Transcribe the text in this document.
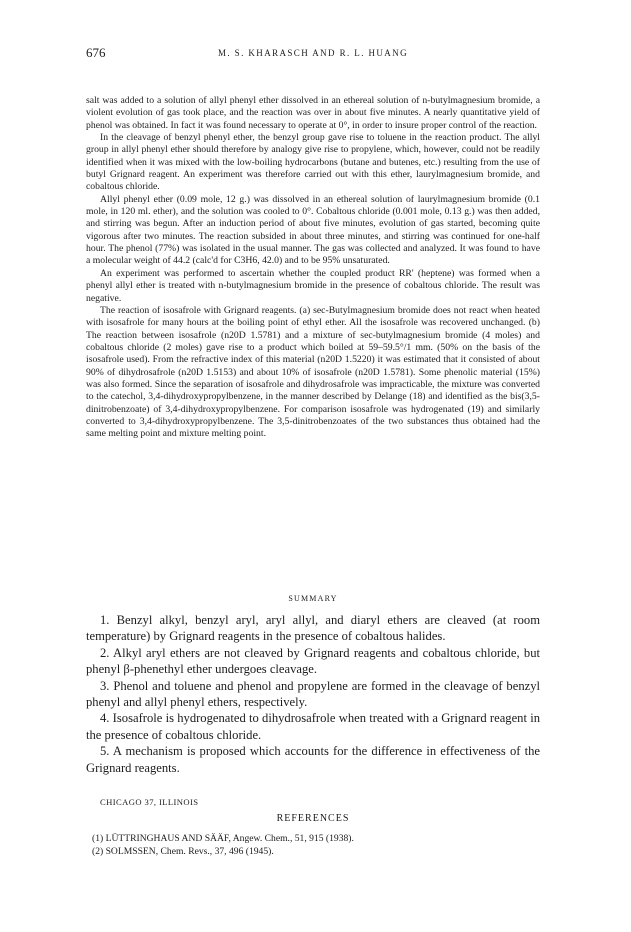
676	M. S. KHARASCH AND R. L. HUANG

salt was added to a solution of allyl phenyl ether dissolved in an ethereal solution of n-butylmagnesium bromide, a violent evolution of gas took place, and the reaction was over in about five minutes. A nearly quantitative yield of phenol was obtained. In fact it was found necessary to operate at 0°, in order to insure proper control of the reaction.

In the cleavage of benzyl phenyl ether, the benzyl group gave rise to toluene in the reaction product. The allyl group in allyl phenyl ether should therefore by analogy give rise to propylene, which, however, could not be readily identified when it was mixed with the low-boiling hydrocarbons (butane and butenes, etc.) resulting from the use of butyl Grignard reagent. An experiment was therefore carried out with this ether, laurylmagnesium bromide, and cobaltous chloride.

Allyl phenyl ether (0.09 mole, 12 g.) was dissolved in an ethereal solution of laurylmagnesium bromide (0.1 mole, in 120 ml. ether), and the solution was cooled to 0°. Cobaltous chloride (0.001 mole, 0.13 g.) was then added, and stirring was begun. After an induction period of about five minutes, evolution of gas started, becoming quite vigorous after two minutes. The reaction subsided in about three minutes, and stirring was continued for one-half hour. The phenol (77%) was isolated in the usual manner. The gas was collected and analyzed. It was found to have a molecular weight of 44.2 (calc'd for C3H6, 42.0) and to be 95% unsaturated.

An experiment was performed to ascertain whether the coupled product RR' (heptene) was formed when a phenyl allyl ether is treated with n-butylmagnesium bromide in the presence of cobaltous chloride. The result was negative.

The reaction of isosafrole with Grignard reagents. (a) sec-Butylmagnesium bromide does not react when heated with isosafrole for many hours at the boiling point of ethyl ether. All the isosafrole was recovered unchanged. (b) The reaction between isosafrole (n20D 1.5781) and a mixture of sec-butylmagnesium bromide (4 moles) and cobaltous chloride (2 moles) gave rise to a product which boiled at 59–59.5°/1 mm. (50% on the basis of the isosafrole used). From the refractive index of this material (n20D 1.5220) it was estimated that it consisted of about 90% of dihydrosafrole (n20D 1.5153) and about 10% of isosafrole (n20D 1.5781). Some phenolic material (15%) was also formed. Since the separation of isosafrole and dihydrosafrole was impracticable, the mixture was converted to the catechol, 3,4-dihydroxypropylbenzene, in the manner described by Delange (18) and identified as the bis(3,5-dinitrobenzoate) of 3,4-dihydroxypropylbenzene. For comparison isosafrole was hydrogenated (19) and similarly converted to 3,4-dihydroxypropylbenzene. The 3,5-dinitrobenzoates of the two substances thus obtained had the same melting point and mixture melting point.

SUMMARY

1. Benzyl alkyl, benzyl aryl, aryl allyl, and diaryl ethers are cleaved (at room temperature) by Grignard reagents in the presence of cobaltous halides.

2. Alkyl aryl ethers are not cleaved by Grignard reagents and cobaltous chloride, but phenyl β-phenethyl ether undergoes cleavage.

3. Phenol and toluene and phenol and propylene are formed in the cleavage of benzyl phenyl and allyl phenyl ethers, respectively.

4. Isosafrole is hydrogenated to dihydrosafrole when treated with a Grignard reagent in the presence of cobaltous chloride.

5. A mechanism is proposed which accounts for the difference in effectiveness of the Grignard reagents.

CHICAGO 37, ILLINOIS
REFERENCES

(1) LÜTTRINGHAUS AND SÄÄF, Angew. Chem., 51, 915 (1938).

(2) SOLMSSEN, Chem. Revs., 37, 496 (1945).
